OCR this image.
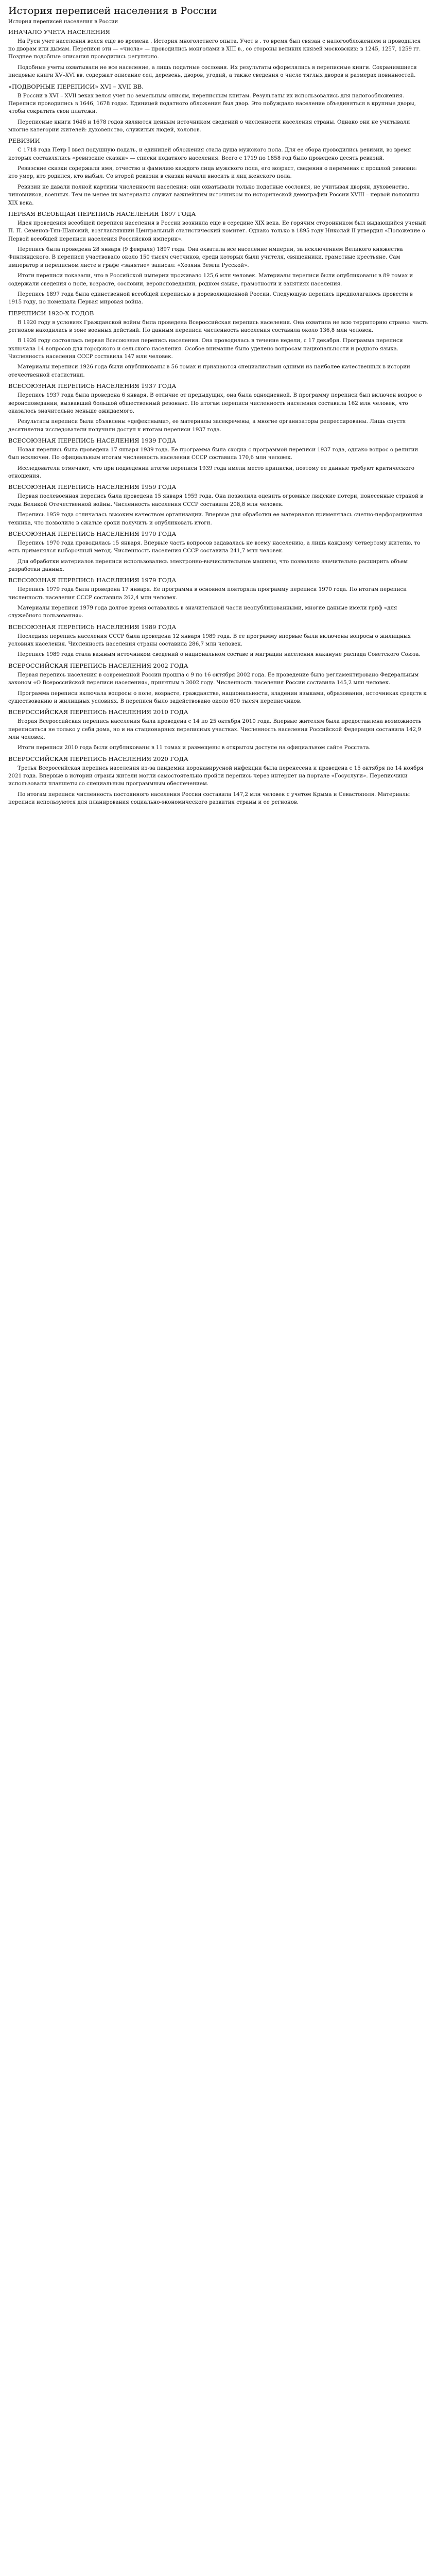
История переписей населения в России
История переписей населения в России
ИНАЧАЛО УЧЕТА НАСЕЛЕНИЯ

На Руси учет населения велся еще во времена . История многолетнего опыта. Учет в . то время был связан с налогообложением и проводился по дворам или дымам. Переписи эти — «числа» — проводились монголами в XIII в., со стороны великих князей московских: в 1245, 1257, 1259 гг. Позднее подобные описания проводились регулярно.

Подобные учеты охватывали не все население, а лишь податные сословия. Их результаты оформлялись в переписные книги. Сохранившиеся писцовые книги XV–XVI вв. содержат описание сел, деревень, дворов, угодий, а также сведения о числе тяглых дворов и размерах повинностей.

«ПОДВОРНЫЕ ПЕРЕПИСИ» XVI – XVII ВВ.

В России в XVI – XVII веках велся учет по земельным описям, переписным книгам. Результаты их использовались для налогообложения. Переписи проводились в 1646, 1678 годах. Единицей податного обложения был двор. Это побуждало население объединяться в крупные дворы, чтобы сократить свои платежи.

Переписные книги 1646 и 1678 годов являются ценным источником сведений о численности населения страны. Однако они не учитывали многие категории жителей: духовенство, служилых людей, холопов.

РЕВИЗИИ

С 1718 года Петр I ввел подушную подать, и единицей обложения стала душа мужского пола. Для ее сбора проводились ревизии, во время которых составлялись «ревизские сказки» — списки податного населения. Всего с 1719 по 1858 год было проведено десять ревизий.

Ревизские сказки содержали имя, отчество и фамилию каждого лица мужского пола, его возраст, сведения о переменах с прошлой ревизии: кто умер, кто родился, кто выбыл. Со второй ревизии в сказки начали вносить и лиц женского пола.

Ревизии не давали полной картины численности населения: они охватывали только податные сословия, не учитывая дворян, духовенство, чиновников, военных. Тем не менее их материалы служат важнейшим источником по исторической демографии России XVIII – первой половины XIX века.

ПЕРВАЯ ВСЕОБЩАЯ ПЕРЕПИСЬ НАСЕЛЕНИЯ 1897 ГОДА

Идея проведения всеобщей переписи населения в России возникла еще в середине XIX века. Ее горячим сторонником был выдающийся ученый П. П. Семенов-Тян-Шанский, возглавлявший Центральный статистический комитет. Однако только в 1895 году Николай II утвердил «Положение о Первой всеобщей переписи населения Российской империи».

Перепись была проведена 28 января (9 февраля) 1897 года. Она охватила все население империи, за исключением Великого княжества Финляндского. В переписи участвовало около 150 тысяч счетчиков, среди которых были учителя, священники, грамотные крестьяне. Сам император в переписном листе в графе «занятие» записал: «Хозяин Земли Русской».

Итоги переписи показали, что в Российской империи проживало 125,6 млн человек. Материалы переписи были опубликованы в 89 томах и содержали сведения о поле, возрасте, сословии, вероисповедании, родном языке, грамотности и занятиях населения.

Перепись 1897 года была единственной всеобщей переписью в дореволюционной России. Следующую перепись предполагалось провести в 1915 году, но помешала Первая мировая война.

ПЕРЕПИСИ 1920-Х ГОДОВ

В 1920 году в условиях Гражданской войны была проведена Всероссийская перепись населения. Она охватила не всю территорию страны: часть регионов находилась в зоне военных действий. По данным переписи численность населения составила около 136,8 млн человек.

В 1926 году состоялась первая Всесоюзная перепись населения. Она проводилась в течение недели, с 17 декабря. Программа переписи включала 14 вопросов для городского и сельского населения. Особое внимание было уделено вопросам национальности и родного языка. Численность населения СССР составила 147 млн человек.

Материалы переписи 1926 года были опубликованы в 56 томах и признаются специалистами одними из наиболее качественных в истории отечественной статистики.

ВСЕСОЮЗНАЯ ПЕРЕПИСЬ НАСЕЛЕНИЯ 1937 ГОДА

Перепись 1937 года была проведена 6 января. В отличие от предыдущих, она была однодневной. В программу переписи был включен вопрос о вероисповедании, вызвавший большой общественный резонанс. По итогам переписи численность населения составила 162 млн человек, что оказалось значительно меньше ожидаемого.

Результаты переписи были объявлены «дефектными», ее материалы засекречены, а многие организаторы репрессированы. Лишь спустя десятилетия исследователи получили доступ к итогам переписи 1937 года.

ВСЕСОЮЗНАЯ ПЕРЕПИСЬ НАСЕЛЕНИЯ 1939 ГОДА

Новая перепись была проведена 17 января 1939 года. Ее программа была сходна с программой переписи 1937 года, однако вопрос о религии был исключен. По официальным итогам численность населения СССР составила 170,6 млн человек.

Исследователи отмечают, что при подведении итогов переписи 1939 года имели место приписки, поэтому ее данные требуют критического отношения.

ВСЕСОЮЗНАЯ ПЕРЕПИСЬ НАСЕЛЕНИЯ 1959 ГОДА

Первая послевоенная перепись была проведена 15 января 1959 года. Она позволила оценить огромные людские потери, понесенные страной в годы Великой Отечественной войны. Численность населения СССР составила 208,8 млн человек.

Перепись 1959 года отличалась высоким качеством организации. Впервые для обработки ее материалов применялась счетно-перфорационная техника, что позволило в сжатые сроки получить и опубликовать итоги.

ВСЕСОЮЗНАЯ ПЕРЕПИСЬ НАСЕЛЕНИЯ 1970 ГОДА

Перепись 1970 года проводилась 15 января. Впервые часть вопросов задавалась не всему населению, а лишь каждому четвертому жителю, то есть применялся выборочный метод. Численность населения СССР составила 241,7 млн человек.

Для обработки материалов переписи использовались электронно-вычислительные машины, что позволило значительно расширить объем разработки данных.

ВСЕСОЮЗНАЯ ПЕРЕПИСЬ НАСЕЛЕНИЯ 1979 ГОДА

Перепись 1979 года была проведена 17 января. Ее программа в основном повторяла программу переписи 1970 года. По итогам переписи численность населения СССР составила 262,4 млн человек.

Материалы переписи 1979 года долгое время оставались в значительной части неопубликованными, многие данные имели гриф «для служебного пользования».

ВСЕСОЮЗНАЯ ПЕРЕПИСЬ НАСЕЛЕНИЯ 1989 ГОДА

Последняя перепись населения СССР была проведена 12 января 1989 года. В ее программу впервые были включены вопросы о жилищных условиях населения. Численность населения страны составила 286,7 млн человек.

Перепись 1989 года стала важным источником сведений о национальном составе и миграции населения накануне распада Советского Союза.

ВСЕРОССИЙСКАЯ ПЕРЕПИСЬ НАСЕЛЕНИЯ 2002 ГОДА

Первая перепись населения в современной России прошла с 9 по 16 октября 2002 года. Ее проведение было регламентировано Федеральным законом «О Всероссийской переписи населения», принятым в 2002 году. Численность населения России составила 145,2 млн человек.

Программа переписи включала вопросы о поле, возрасте, гражданстве, национальности, владении языками, образовании, источниках средств к существованию и жилищных условиях. В переписи было задействовано около 600 тысяч переписчиков.

ВСЕРОССИЙСКАЯ ПЕРЕПИСЬ НАСЕЛЕНИЯ 2010 ГОДА

Вторая Всероссийская перепись населения была проведена с 14 по 25 октября 2010 года. Впервые жителям была предоставлена возможность переписаться не только у себя дома, но и на стационарных переписных участках. Численность населения Российской Федерации составила 142,9 млн человек.

Итоги переписи 2010 года были опубликованы в 11 томах и размещены в открытом доступе на официальном сайте Росстата.

ВСЕРОССИЙСКАЯ ПЕРЕПИСЬ НАСЕЛЕНИЯ 2020 ГОДА

Третья Всероссийская перепись населения из-за пандемии коронавирусной инфекции была перенесена и проведена с 15 октября по 14 ноября 2021 года. Впервые в истории страны жители могли самостоятельно пройти перепись через интернет на портале «Госуслуги». Переписчики использовали планшеты со специальным программным обеспечением.

По итогам переписи численность постоянного населения России составила 147,2 млн человек с учетом Крыма и Севастополя. Материалы переписи используются для планирования социально-экономического развития страны и ее регионов.
